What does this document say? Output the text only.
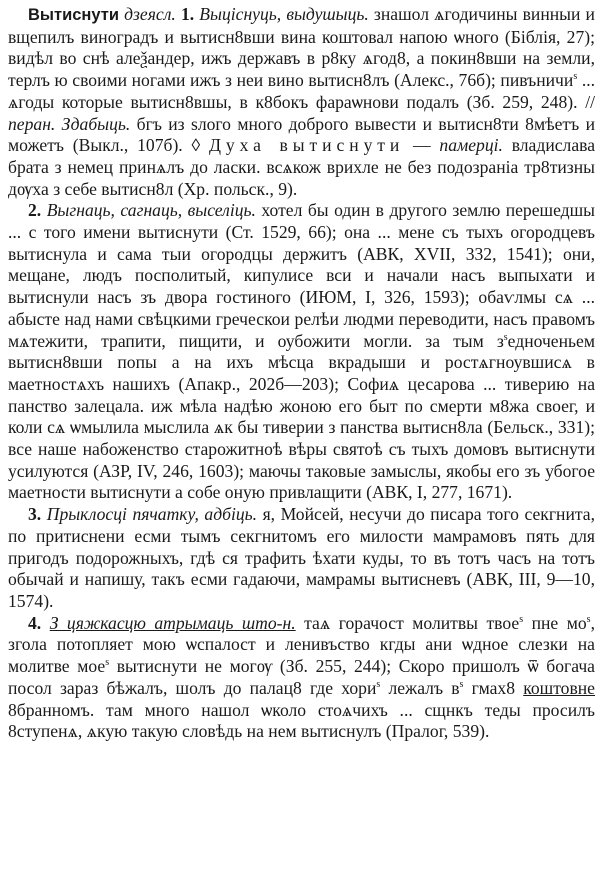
Вытиснути дзеясл. 1. Выціснуць, выдушыць. знашол ѧгодичины винныи и вщепилъ виноградъ и вытисн8вши вина коштовал напою ѡного (Біблія, 27); видѣл во снѣ алеѯандер, ижъ державъ в р8ку ѧгод8, а покин8вши на земли, терлъ ю своими ногами ижъ з неи вино вытисн8лъ (Алекс., 76б); пивъничи$^ѕ$ ... ѧгоды которые вытисн8вшы, в к8бокъ фараѡнови подалъ (Зб. 259, 248). // перан. Здабыць. бгъ из ѕлого много доброго вывести и вытисн8ти 8мѣетъ и можетъ (Выкл., 107б). ◊ Духа вытиснути — памерці. владислава брата з немец принѧлъ до ласки. всѧкож врихле не без подозраніа тр8тизны дѹха з себе вытисн8л (Хр. польск., 9).

2. Выгнаць, сагнаць, выселіць. хотел бы один в другого землю перешедшы ... с того имени вытиснути (Ст. 1529, 66); она ... мене съ тыхъ огородцевъ вытиснула и сама тыи огородцы держитъ (АВК, XVII, 332, 1541); они, мещане, людъ посполитый, кипулисе вси и начали насъ выпыхати и вытиснули насъ зъ двора гостиного (ИЮМ, I, 326, 1593); обаѵлмы сѧ ... абысте над нами свѣцкими греческои релѣи людми переводити, насъ правомъ мѧтежити, трапити, пищити, и оубожити могли. за тым $з^ѕедноченьем$ вытисн8вши попы а на ихъ мѣсца вкрадыши и ростѧгноувшисѧ в маетностѧхъ нашихъ (Апакр., 202б—203); Софиѧ цесарова ... тиверию на панство залецала. иж мѣла надѣю жоною его быт по смерти м8жа своег, и коли сѧ ѡмылила мыслила ѧк бы тиверии з панства вытисн8ла (Бельск., 331); все наше набоженство старожитноѣ вѣры святоѣ съ тыхъ домовъ вытиснути усилуются (АЗР, IV, 246, 1603); маючы таковые замыслы, якобы его зъ убогое маетности вытиснути а собе оную привлащити (АВК, I, 277, 1671).

3. Прыклосці пячатку, адбіць. я, Мойсей, несучи до писара того секгнита, по притиснени есми тымъ секгнитомъ его милости мамрамовъ пять для пригодъ подорожныхъ, гдѣ ся трафить ѣхати куды, то въ тотъ часъ на тотъ обычай и напишу, такъ есми гадаючи, мамрамы вытисневъ (АВК, III, 9—10, 1574).

4. З цяжкасцю атрымаць што-н. таѧ горачост молитвы твое$^ѕ$ пне $мо^ѕ$, зголa потопляет мою ѡспалост и ленивъство кгды ани ѡдное слезки на молитве мое$^ѕ$ вытиснути не могѹ (Зб. 255, 244); Скоро пришолъ ѿ богача посол зараз бѣжалъ, шолъ до палац8 где хори$^ѕ$ лежалъ $в^ѕ$ гмах8 коштовне 8бранномъ. там много нашол ѡколо стоѧчихъ ... сщнкъ теды просилъ 8ступенѧ, ѧкую такую словѣдь на нем вытиснулъ (Пралог, 539).
